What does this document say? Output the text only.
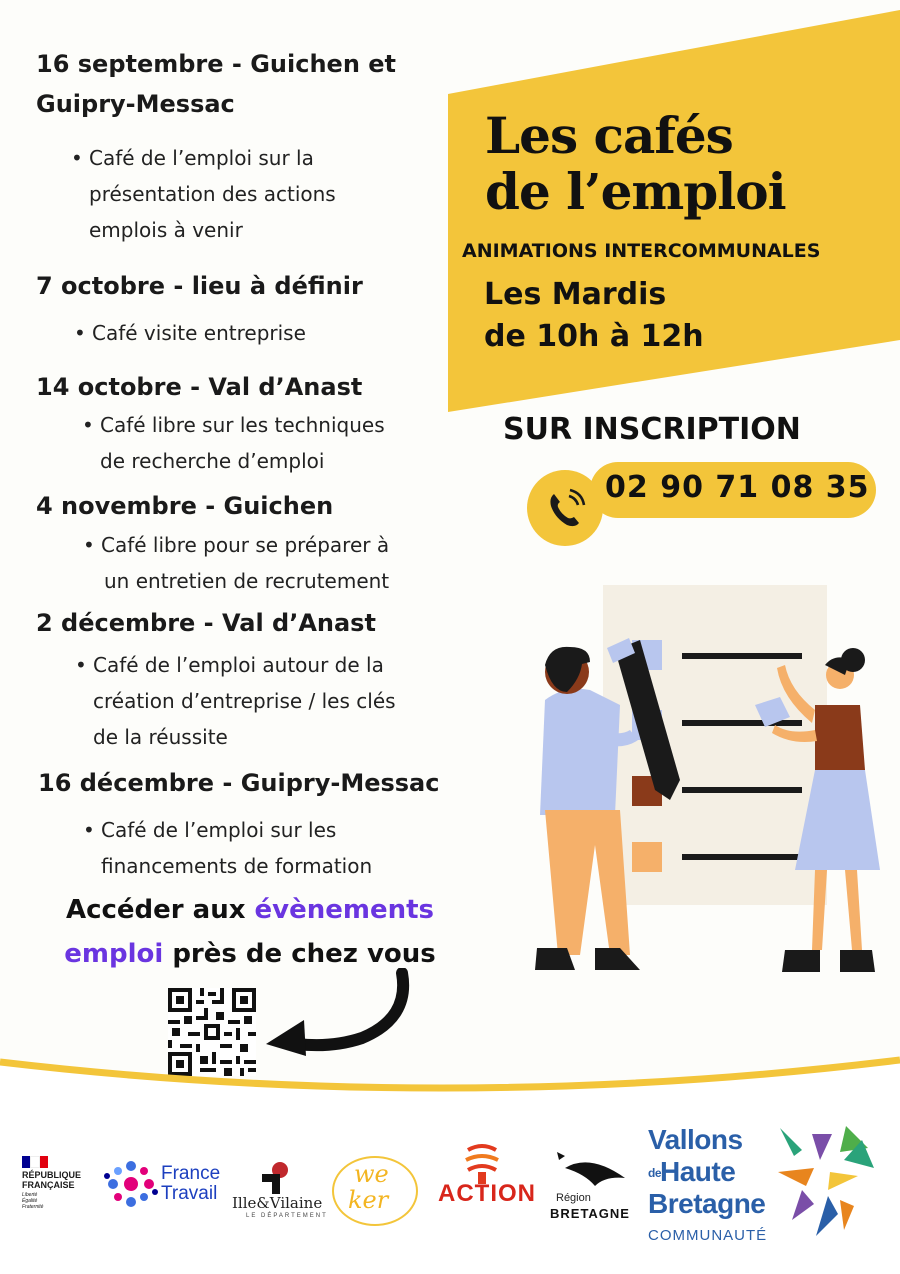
16 septembre - Guichen et
Guipry-Messac
• Café de l’emploi sur la
présentation des actions
emplois à venir
7 octobre - lieu à définir
• Café visite entreprise
14 octobre - Val d’Anast
• Café libre sur les techniques
de recherche d’emploi
4 novembre - Guichen
• Café libre pour se préparer à
un entretien de recrutement
2 décembre - Val d’Anast
• Café de l’emploi autour de la
création d’entreprise / les clés
de la réussite
16 décembre - Guipry-Messac
• Café de l’emploi sur les
financements de formation
Les cafés
de l’emploi
ANIMATIONS INTERCOMMUNALES
Les Mardis
de 10h à 12h
SUR INSCRIPTION
02 90 71 08 35
Accéder aux évènements
emploi près de chez vous
RÉPUBLIQUE
FRANÇAISE
Liberté
Égalité
Fraternité
France
Travail Ille&Vilaine
LE DÉPARTEMENT
we
ker ACTION Région
BRETAGNE
Vallons
deHaute
Bretagne
COMMUNAUTÉ
